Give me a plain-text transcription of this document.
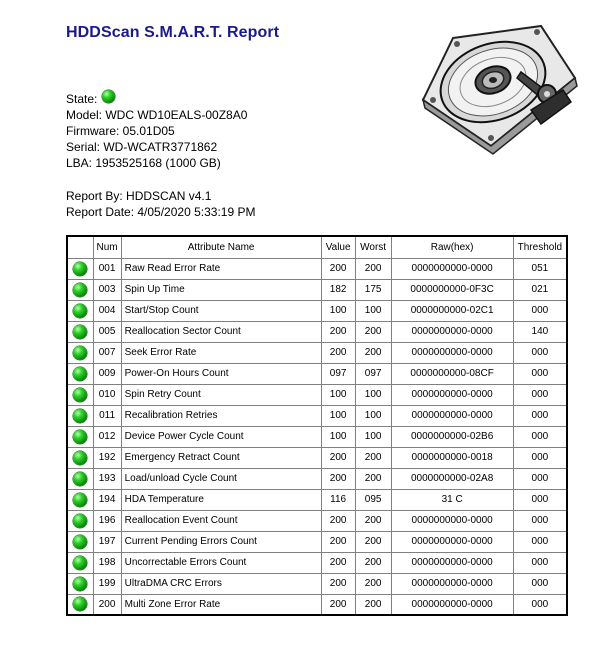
HDDScan S.M.A.R.T. Report
State:
Model: WDC WD10EALS-00Z8A0
Firmware: 05.01D05
Serial: WD-WCATR3771862
LBA: 1953525168 (1000 GB)
Report By: HDDSCAN v4.1
Report Date: 4/05/2020 5:33:19 PM
	Num	Attribute Name	Value	Worst	Raw(hex)	Threshold
	001	Raw Read Error Rate	200	200	0000000000-0000	051
	003	Spin Up Time	182	175	0000000000-0F3C	021
	004	Start/Stop Count	100	100	0000000000-02C1	000
	005	Reallocation Sector Count	200	200	0000000000-0000	140
	007	Seek Error Rate	200	200	0000000000-0000	000
	009	Power-On Hours Count	097	097	0000000000-08CF	000
	010	Spin Retry Count	100	100	0000000000-0000	000
	011	Recalibration Retries	100	100	0000000000-0000	000
	012	Device Power Cycle Count	100	100	0000000000-02B6	000
	192	Emergency Retract Count	200	200	0000000000-0018	000
	193	Load/unload Cycle Count	200	200	0000000000-02A8	000
	194	HDA Temperature	116	095	31 C	000
	196	Reallocation Event Count	200	200	0000000000-0000	000
	197	Current Pending Errors Count	200	200	0000000000-0000	000
	198	Uncorrectable Errors Count	200	200	0000000000-0000	000
	199	UltraDMA CRC Errors	200	200	0000000000-0000	000
	200	Multi Zone Error Rate	200	200	0000000000-0000	000
